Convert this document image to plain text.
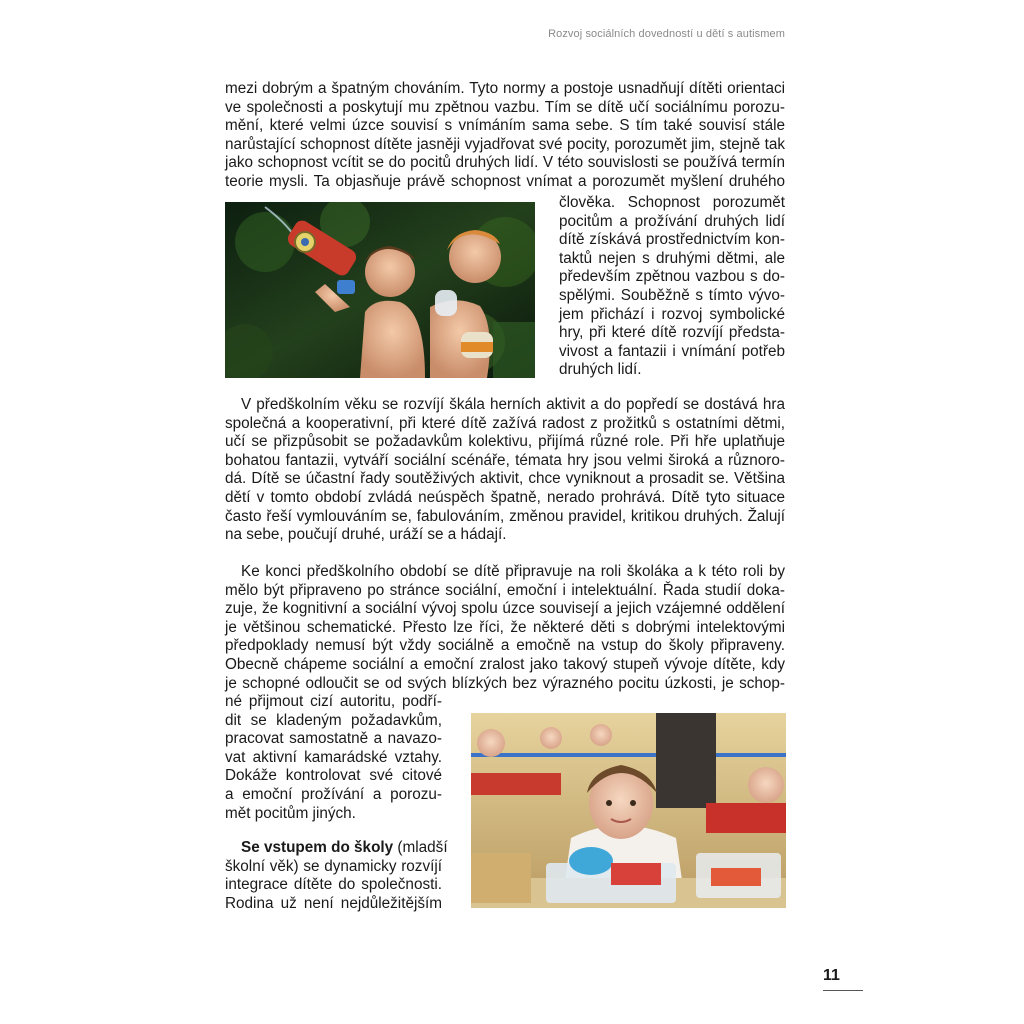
Rozvoj sociálních dovedností u dětí s autismem
mezi dobrým a špatným chováním. Tyto normy a postoje usnadňují dítěti orientaci
ve společnosti a poskytují mu zpětnou vazbu. Tím se dítě učí sociálnímu porozu-
mění, které velmi úzce souvisí s vnímáním sama sebe. S tím také souvisí stále
narůstající schopnost dítěte jasněji vyjadřovat své pocity, porozumět jim, stejně tak
jako schopnost vcítit se do pocitů druhých lidí. V této souvislosti se používá termín
teorie mysli. Ta objasňuje právě schopnost vnímat a porozumět myšlení druhého
člověka. Schopnost porozumět
pocitům a prožívání druhých lidí
dítě získává prostřednictvím kon-
taktů nejen s druhými dětmi, ale
především zpětnou vazbou s do-
spělými. Souběžně s tímto vývo-
jem přichází i rozvoj symbolické
hry, při které dítě rozvíjí předsta-
vivost a fantazii i vnímání potřeb
druhých lidí.
V předškolním věku se rozvíjí škála herních aktivit a do popředí se dostává hra
společná a kooperativní, při které dítě zažívá radost z prožitků s ostatními dětmi,
učí se přizpůsobit se požadavkům kolektivu, přijímá různé role. Při hře uplatňuje
bohatou fantazii, vytváří sociální scénáře, témata hry jsou velmi široká a různoro-
dá. Dítě se účastní řady soutěživých aktivit, chce vyniknout a prosadit se. Většina
dětí v tomto období zvládá neúspěch špatně, nerado prohrává. Dítě tyto situace
často řeší vymlouváním se, fabulováním, změnou pravidel, kritikou druhých. Žalují
na sebe, poučují druhé, uráží se a hádají.
Ke konci předškolního období se dítě připravuje na roli školáka a k této roli by
mělo být připraveno po stránce sociální, emoční i intelektuální. Řada studií doka-
zuje, že kognitivní a sociální vývoj spolu úzce souvisejí a jejich vzájemné oddělení
je většinou schematické. Přesto lze říci, že některé děti s dobrými intelektovými
předpoklady nemusí být vždy sociálně a emočně na vstup do školy připraveny.
Obecně chápeme sociální a emoční zralost jako takový stupeň vývoje dítěte, kdy
je schopné odloučit se od svých blízkých bez výrazného pocitu úzkosti, je schop-
né přijmout cizí autoritu, podří-
dit se kladeným požadavkům,
pracovat samostatně a navazo-
vat aktivní kamarádské vztahy.
Dokáže kontrolovat své citové
a emoční prožívání a porozu-
mět pocitům jiných.
Se vstupem do školy (mladší
školní věk) se dynamicky rozvíjí
integrace dítěte do společnosti.
Rodina už není nejdůležitějším
11
